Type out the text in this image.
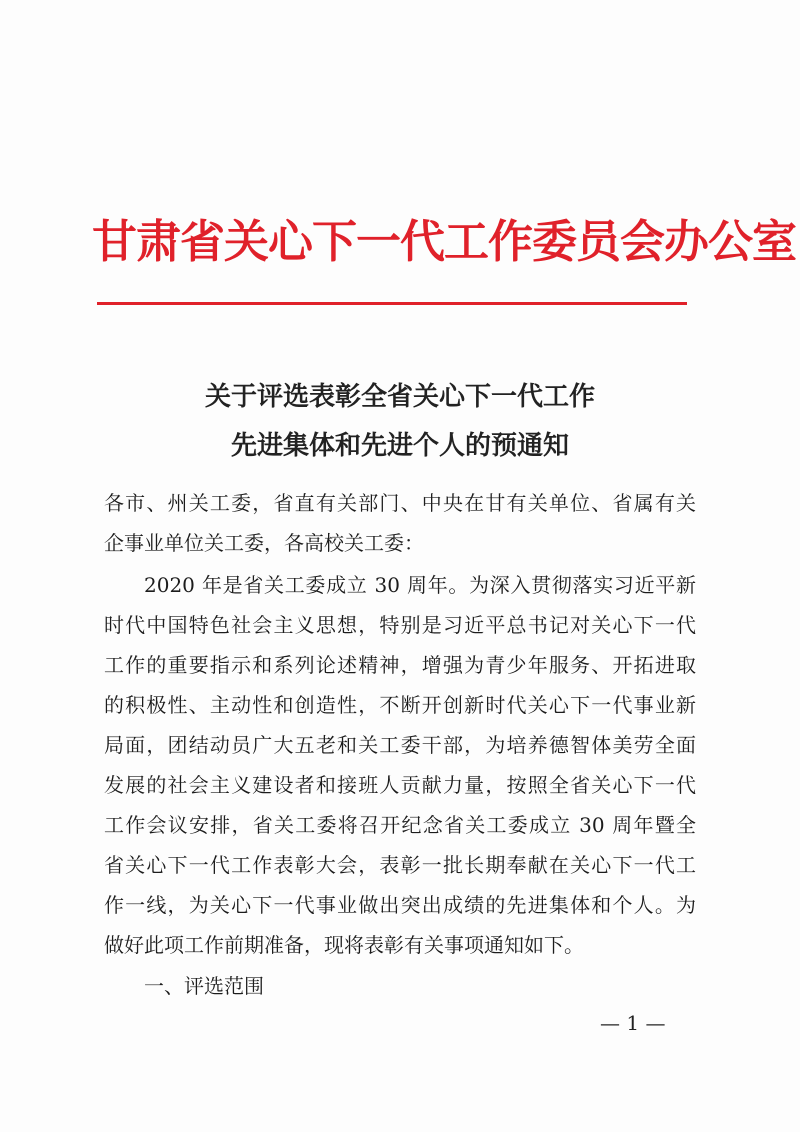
甘肃省关心下一代工作委员会办公室
关于评选表彰全省关心下一代工作
先进集体和先进个人的预通知
各市、州关工委，省直有关部门、中央在甘有关单位、省属有关
企事业单位关工委，各高校关工委：
2020 年是省关工委成立 30 周年。为深入贯彻落实习近平新
时代中国特色社会主义思想，特别是习近平总书记对关心下一代
工作的重要指示和系列论述精神，增强为青少年服务、开拓进取
的积极性、主动性和创造性，不断开创新时代关心下一代事业新
局面，团结动员广大五老和关工委干部，为培养德智体美劳全面
发展的社会主义建设者和接班人贡献力量，按照全省关心下一代
工作会议安排，省关工委将召开纪念省关工委成立 30 周年暨全
省关心下一代工作表彰大会，表彰一批长期奉献在关心下一代工
作一线，为关心下一代事业做出突出成绩的先进集体和个人。为
做好此项工作前期准备，现将表彰有关事项通知如下。
一、评选范围
— 1 —
